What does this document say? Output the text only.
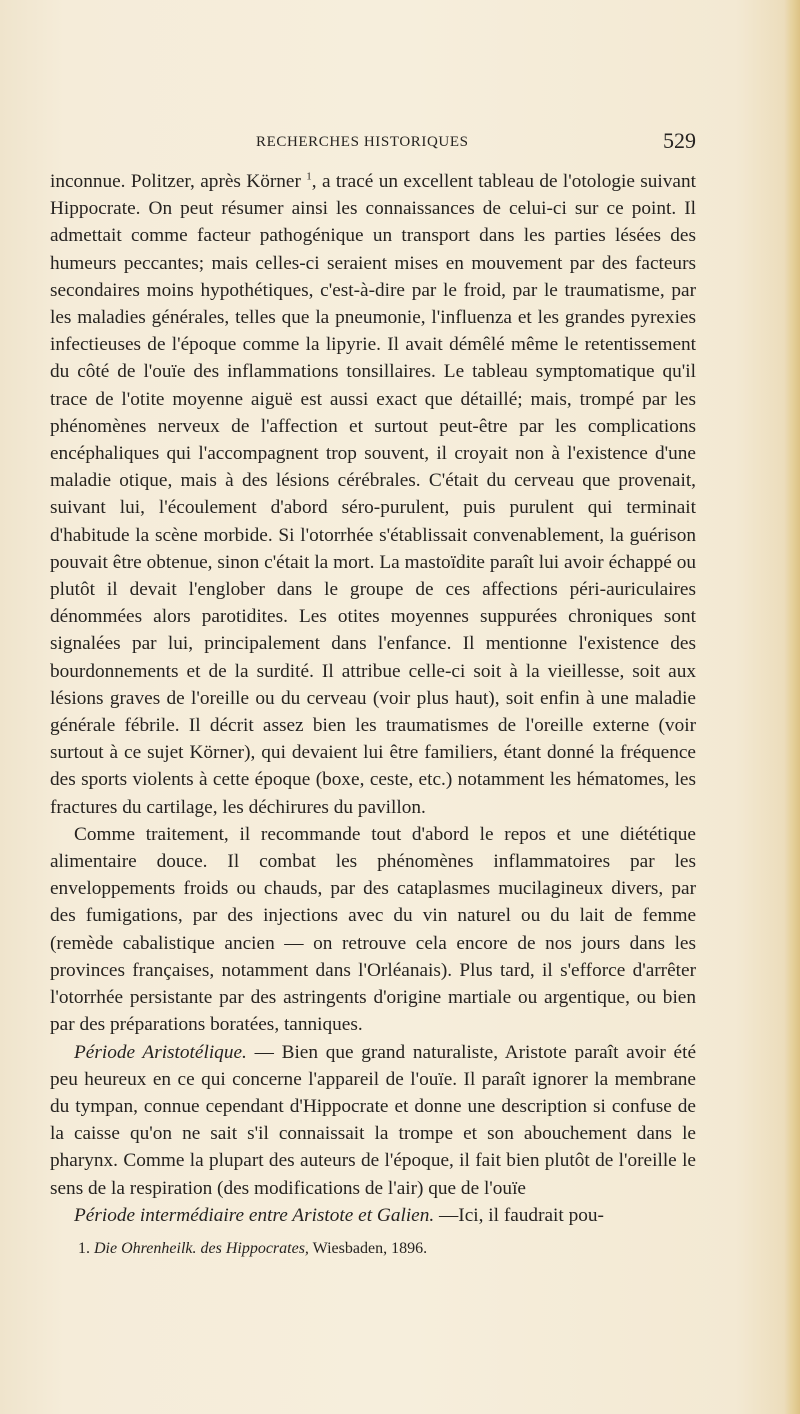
RECHERCHES HISTORIQUES	529

inconnue. Politzer, après Körner $^1$, a tracé un excellent tableau de l'otologie suivant Hippocrate. On peut résumer ainsi les connaissances de celui-ci sur ce point. Il admettait comme facteur pathogénique un transport dans les parties lésées des humeurs peccantes; mais celles-ci seraient mises en mouvement par des facteurs secondaires moins hypothétiques, c'est-à-dire par le froid, par le traumatisme, par les maladies générales, telles que la pneumonie, l'influenza et les grandes pyrexies infectieuses de l'époque comme la lipyrie. Il avait démêlé même le retentissement du côté de l'ouïe des inflammations tonsillaires. Le tableau symptomatique qu'il trace de l'otite moyenne aiguë est aussi exact que détaillé; mais, trompé par les phénomènes nerveux de l'affection et surtout peut-être par les complications encéphaliques qui l'accompagnent trop souvent, il croyait non à l'existence d'une maladie otique, mais à des lésions cérébrales. C'était du cerveau que provenait, suivant lui, l'écoulement d'abord séro-purulent, puis purulent qui terminait d'habitude la scène morbide. Si l'otorrhée s'établissait convenablement, la guérison pouvait être obtenue, sinon c'était la mort. La mastoïdite paraît lui avoir échappé ou plutôt il devait l'englober dans le groupe de ces affections péri-auriculaires dénommées alors parotidites. Les otites moyennes suppurées chroniques sont signalées par lui, principalement dans l'enfance. Il mentionne l'existence des bourdonnements et de la surdité. Il attribue celle-ci soit à la vieillesse, soit aux lésions graves de l'oreille ou du cerveau (voir plus haut), soit enfin à une maladie générale fébrile. Il décrit assez bien les traumatismes de l'oreille externe (voir surtout à ce sujet Körner), qui devaient lui être familiers, étant donné la fréquence des sports violents à cette époque (boxe, ceste, etc.) notamment les hématomes, les fractures du cartilage, les déchirures du pavillon.

Comme traitement, il recommande tout d'abord le repos et une diététique alimentaire douce. Il combat les phénomènes inflammatoires par les enveloppements froids ou chauds, par des cataplasmes mucilagineux divers, par des fumigations, par des injections avec du vin naturel ou du lait de femme (remède cabalistique ancien — on retrouve cela encore de nos jours dans les provinces françaises, notamment dans l'Orléanais). Plus tard, il s'efforce d'arrêter l'otorrhée persistante par des astringents d'origine martiale ou argentique, ou bien par des préparations boratées, tanniques.

Période Aristotélique. — Bien que grand naturaliste, Aristote paraît avoir été peu heureux en ce qui concerne l'appareil de l'ouïe. Il paraît ignorer la membrane du tympan, connue cependant d'Hippocrate et donne une description si confuse de la caisse qu'on ne sait s'il connaissait la trompe et son abouchement dans le pharynx. Comme la plupart des auteurs de l'époque, il fait bien plutôt de l'oreille le sens de la respiration (des modifications de l'air) que de l'ouïe

Période intermédiaire entre Aristote et Galien. —Ici, il faudrait pou-

1. Die Ohrenheilk. des Hippocrates, Wiesbaden, 1896.
